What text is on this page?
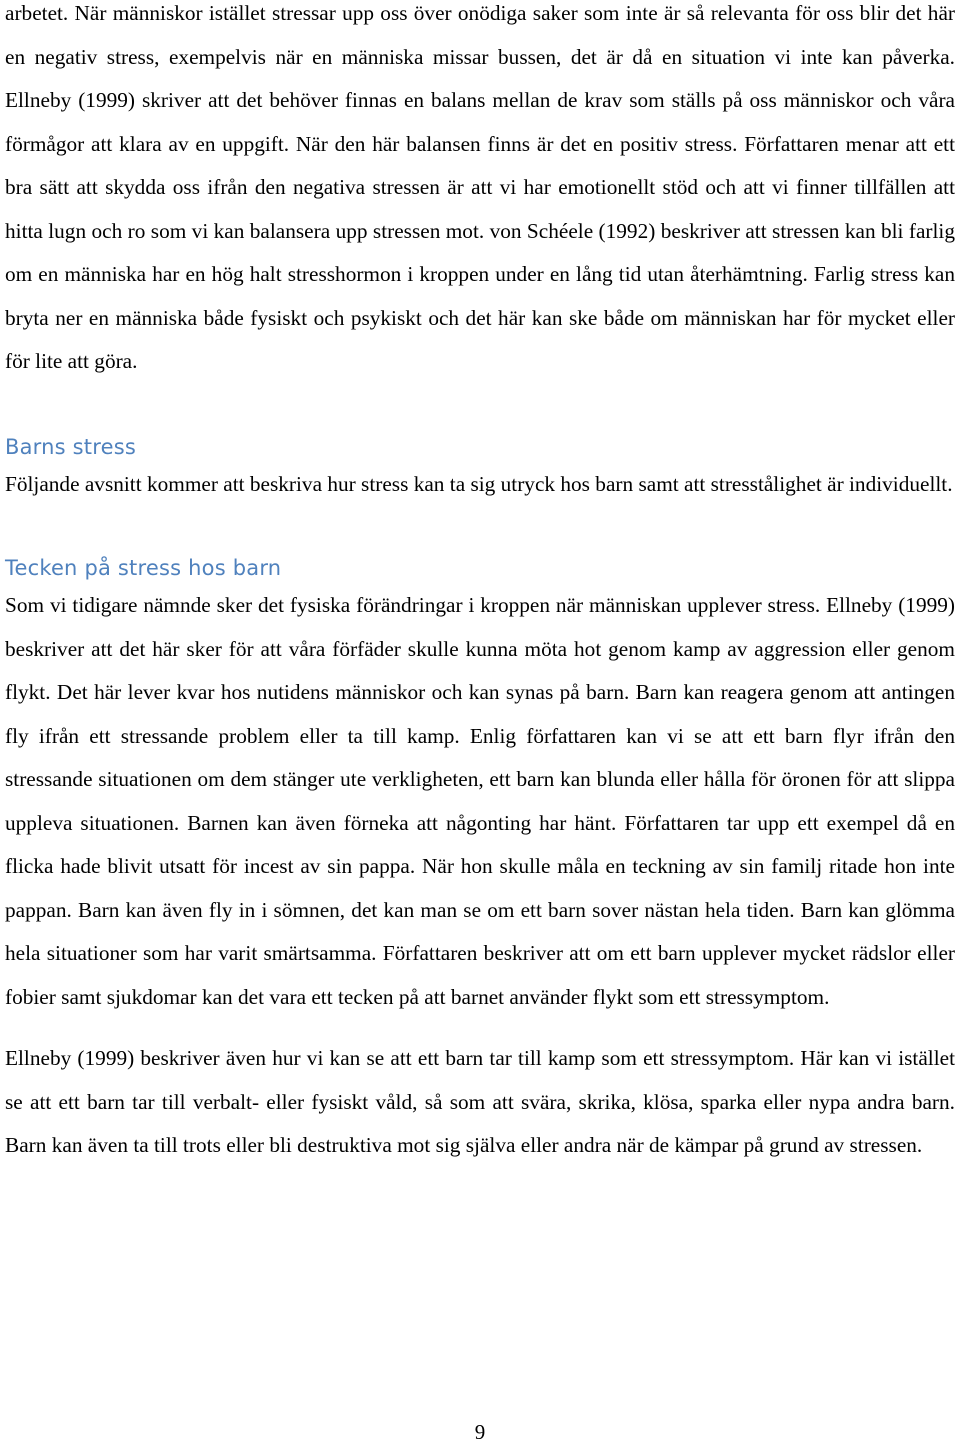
arbetet. När människor istället stressar upp oss över onödiga saker som inte är så relevanta för oss blir det här en negativ stress, exempelvis när en människa missar bussen, det är då en situation vi inte kan påverka. Ellneby (1999) skriver att det behöver finnas en balans mellan de krav som ställs på oss människor och våra förmågor att klara av en uppgift. När den här balansen finns är det en positiv stress. Författaren menar att ett bra sätt att skydda oss ifrån den negativa stressen är att vi har emotionellt stöd och att vi finner tillfällen att hitta lugn och ro som vi kan balansera upp stressen mot. von Schéele (1992) beskriver att stressen kan bli farlig om en människa har en hög halt stresshormon i kroppen under en lång tid utan återhämtning. Farlig stress kan bryta ner en människa både fysiskt och psykiskt och det här kan ske både om människan har för mycket eller för lite att göra.

Barns stress

Följande avsnitt kommer att beskriva hur stress kan ta sig utryck hos barn samt att stresstålighet är individuellt.

Tecken på stress hos barn

Som vi tidigare nämnde sker det fysiska förändringar i kroppen när människan upplever stress. Ellneby (1999) beskriver att det här sker för att våra förfäder skulle kunna möta hot genom kamp av aggression eller genom flykt. Det här lever kvar hos nutidens människor och kan synas på barn. Barn kan reagera genom att antingen fly ifrån ett stressande problem eller ta till kamp. Enlig författaren kan vi se att ett barn flyr ifrån den stressande situationen om dem stänger ute verkligheten, ett barn kan blunda eller hålla för öronen för att slippa uppleva situationen. Barnen kan även förneka att någonting har hänt. Författaren tar upp ett exempel då en flicka hade blivit utsatt för incest av sin pappa. När hon skulle måla en teckning av sin familj ritade hon inte pappan. Barn kan även fly in i sömnen, det kan man se om ett barn sover nästan hela tiden. Barn kan glömma hela situationer som har varit smärtsamma. Författaren beskriver att om ett barn upplever mycket rädslor eller fobier samt sjukdomar kan det vara ett tecken på att barnet använder flykt som ett stressymptom.

Ellneby (1999) beskriver även hur vi kan se att ett barn tar till kamp som ett stressymptom. Här kan vi istället se att ett barn tar till verbalt- eller fysiskt våld, så som att svära, skrika, klösa, sparka eller nypa andra barn. Barn kan även ta till trots eller bli destruktiva mot sig själva eller andra när de kämpar på grund av stressen.

9
